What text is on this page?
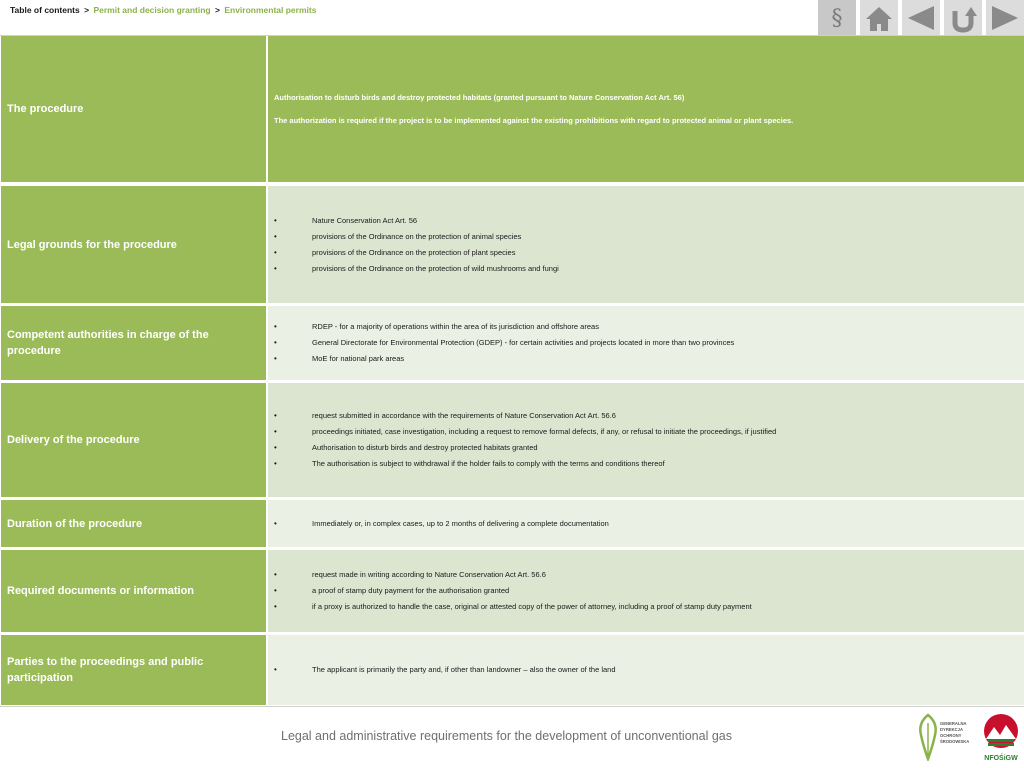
Table of contents > Permit and decision granting > Environmental permits	§
The procedure

Authorisation to disturb birds and destroy protected habitats (granted pursuant to Nature Conservation Act Art. 56)

The authorization is required if the project is to be implemented against the existing prohibitions with regard to protected animal or plant species.

Legal grounds for the procedure
• Nature Conservation Act Art. 56
• provisions of the Ordinance on the protection of animal species
• provisions of the Ordinance on the protection of plant species
• provisions of the Ordinance on the protection of wild mushrooms and fungi
Competent authorities in charge of the procedure
• RDEP - for a majority of operations within the area of its jurisdiction and offshore areas
• General Directorate for Environmental Protection (GDEP) - for certain activities and projects located in more than two provinces
• MoE for national park areas
Delivery of the procedure
• request submitted in accordance with the requirements of Nature Conservation Act Art. 56.6
• proceedings initiated, case investigation, including a request to remove formal defects, if any, or refusal to initiate the proceedings, if justified
• Authorisation to disturb birds and destroy protected habitats granted
• The authorisation is subject to withdrawal if the holder fails to comply with the terms and conditions thereof
Duration of the procedure
•	Immediately or, in complex cases, up to 2 months of delivering a complete documentation
Required documents or information
• request made in writing according to Nature Conservation Act Art. 56.6
• a proof of stamp duty payment for the authorisation granted
• if a proxy is authorized to handle the case, original or attested copy of the power of attorney, including a proof of stamp duty payment
Parties to the proceedings and public participation
• The applicant is primarily the party and, if other than landowner – also the owner of the land
Legal and administrative requirements for the development of unconventional gas
GENERALNA
DYREKCJA
OCHRONY
ŚRODOWISKA
NFOŚiGW
